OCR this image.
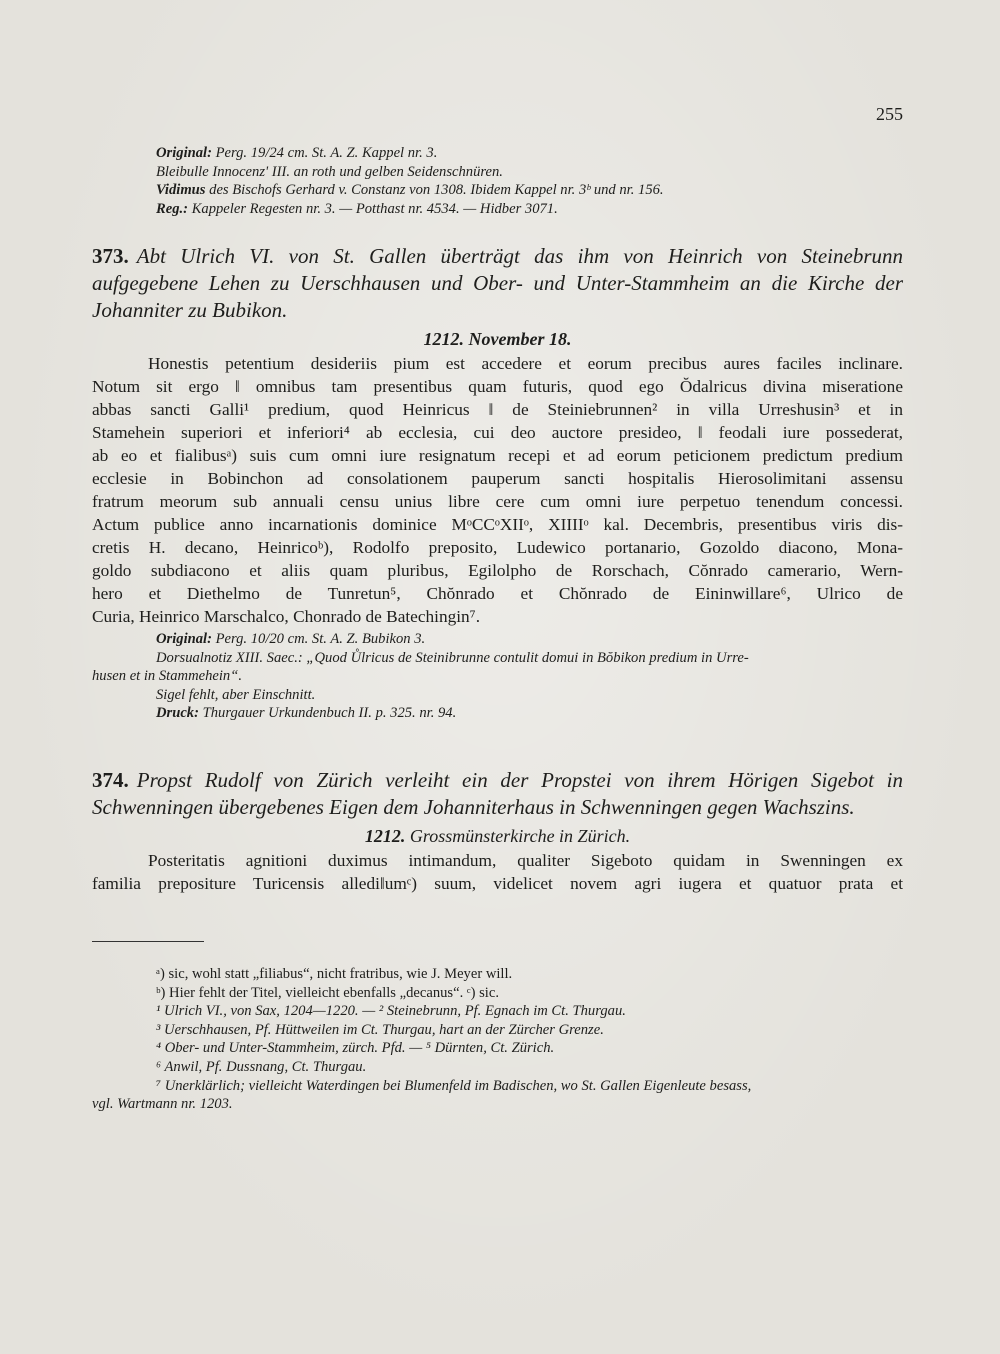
255
Original: Perg. 19/24 cm. St. A. Z. Kappel nr. 3.
Bleibulle Innocenz' III. an roth und gelben Seidenschnüren.
Vidimus des Bischofs Gerhard v. Constanz von 1308. Ibidem Kappel nr. 3ᵇ und nr. 156.
Reg.: Kappeler Regesten nr. 3. — Potthast nr. 4534. — Hidber 3071.
373. Abt Ulrich VI. von St. Gallen überträgt das ihm von Heinrich von Steinebrunn aufgegebene Lehen zu Uerschhausen und Ober- und Unter-Stammheim an die Kirche der Johanniter zu Bubikon.
1212. November 18.
Honestis petentium desideriis pium est accedere et eorum precibus aures faciles inclinare.
Notum sit ergo ‖ omnibus tam presentibus quam futuris, quod ego Ŏdalricus divina miseratione
abbas sancti Galli¹ predium, quod Heinricus ‖ de Steiniebrunnen² in villa Urreshusin³ et in
Stamehein superiori et inferiori⁴ ab ecclesia, cui deo auctore presideo, ‖ feodali iure possederat,
ab eo et fialibusᵃ) suis cum omni iure resignatum recepi et ad eorum peticionem predictum predium
ecclesie in Bobinchon ad consolationem pauperum sancti hospitalis Hierosolimitani assensu
fratrum meorum sub annuali censu unius libre cere cum omni iure perpetuo tenendum concessi.
Actum publice anno incarnationis dominice MᵒCCᵒXIIᵒ, XIIIIᵒ kal. Decembris, presentibus viris dis-
cretis H. decano, Heinricoᵇ), Rodolfo preposito, Ludewico portanario, Gozoldo diacono, Mona-
goldo subdiacono et aliis quam pluribus, Egilolpho de Rorschach, Cŏnrado camerario, Wern-
hero et Diethelmo de Tunretun⁵, Chŏnrado et Chŏnrado de Eininwillare⁶, Ulrico de
Curia, Heinrico Marschalco, Chonrado de Batechingin⁷.
Original: Perg. 10/20 cm. St. A. Z. Bubikon 3.
Dorsualnotiz XIII. Saec.: „Quod Ůlricus de Steinibrunne contulit domui in Bŏbikon predium in Urre-
husen et in Stammehein“.
Sigel fehlt, aber Einschnitt.
Druck: Thurgauer Urkundenbuch II. p. 325. nr. 94.
374. Propst Rudolf von Zürich verleiht ein der Propstei von ihrem Hörigen Sigebot in Schwenningen übergebenes Eigen dem Johanniterhaus in Schwenningen gegen Wachszins.
1212. Grossmünsterkirche in Zürich.
Posteritatis agnitioni duximus intimandum, qualiter Sigeboto quidam in Swenningen ex
familia prepositure Turicensis allediǁumᶜ) suum, videlicet novem agri iugera et quatuor prata et
ᵃ) sic, wohl statt „filiabus“, nicht fratribus, wie J. Meyer will.
ᵇ) Hier fehlt der Titel, vielleicht ebenfalls „decanus“. ᶜ) sic.
¹ Ulrich VI., von Sax, 1204—1220. — ² Steinebrunn, Pf. Egnach im Ct. Thurgau.
³ Uerschhausen, Pf. Hüttweilen im Ct. Thurgau, hart an der Zürcher Grenze.
⁴ Ober- und Unter-Stammheim, zürch. Pfd. — ⁵ Dürnten, Ct. Zürich.
⁶ Anwil, Pf. Dussnang, Ct. Thurgau.
⁷ Unerklärlich; vielleicht Waterdingen bei Blumenfeld im Badischen, wo St. Gallen Eigenleute besass,
vgl. Wartmann nr. 1203.
